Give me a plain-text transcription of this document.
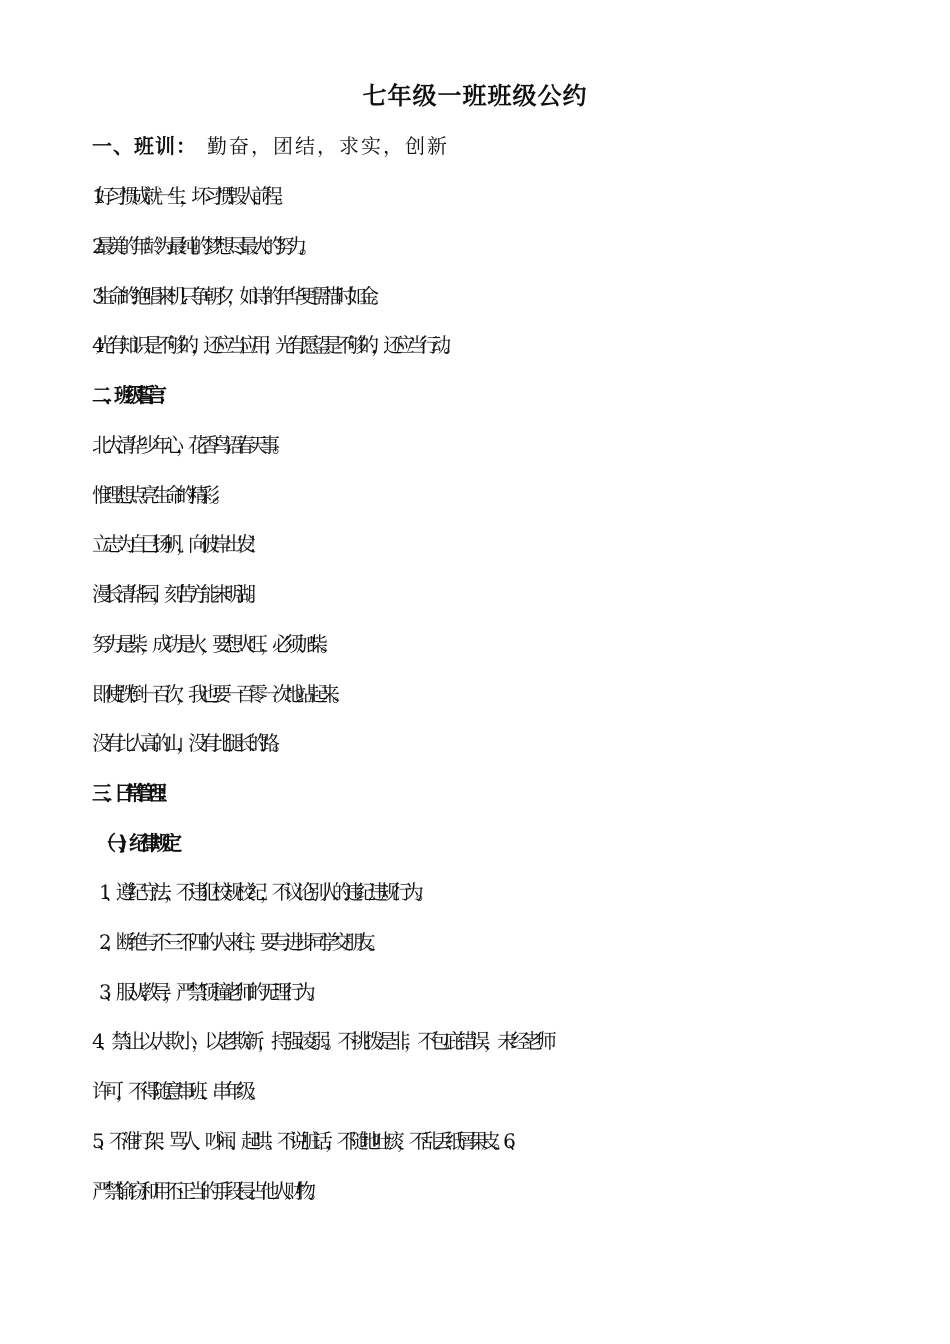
七年级一班班级公约
一、班训： 勤奋，团结，求实，创新
1 好习惯成就一生，坏习惯毁人前程。
2 最美的年龄为最纯的梦想尽最大的努力。
3 生命的绝唱来机只争朝夕，如诗的年华更需惜时如金。
4 光有知识是不够的，还应当应用；光有愿望是不够的，还应当行动。
二、班级誓言：
北大清华少年心，花香鸟语春天事。
惟理想点亮生命的精彩。
立志为自己扬帆，向彼岸出发！
漫长清华园，刻苦方能未明湖。
努力是柴，成功是火，要想火旺，必须加柴。
即使跌倒一百次，我也要一百零一次地站起来。
没有比人高的山，没有比腿长的路。
三、日常管理：
（一)、纪律规定
1、遵纪守法，不违犯校规校纪，不议论别人的违纪违规行为。
2、断绝与不三不四的人来往，要与进步同学交朋友。
3、服从教导，严禁顶撞老师的无理行为。
4、禁止以大欺小，以老欺新，持强凌弱。不挑拨是非，不包庇错误，未经老师
许可，不得随意串班、串年级。
5、不准打架、骂人、吵闹、起哄。不说脏话，不随地吐痰，不乱丢纸屑果皮。 6、
严禁偷窃和用不正当的手段侵占他人财物。
